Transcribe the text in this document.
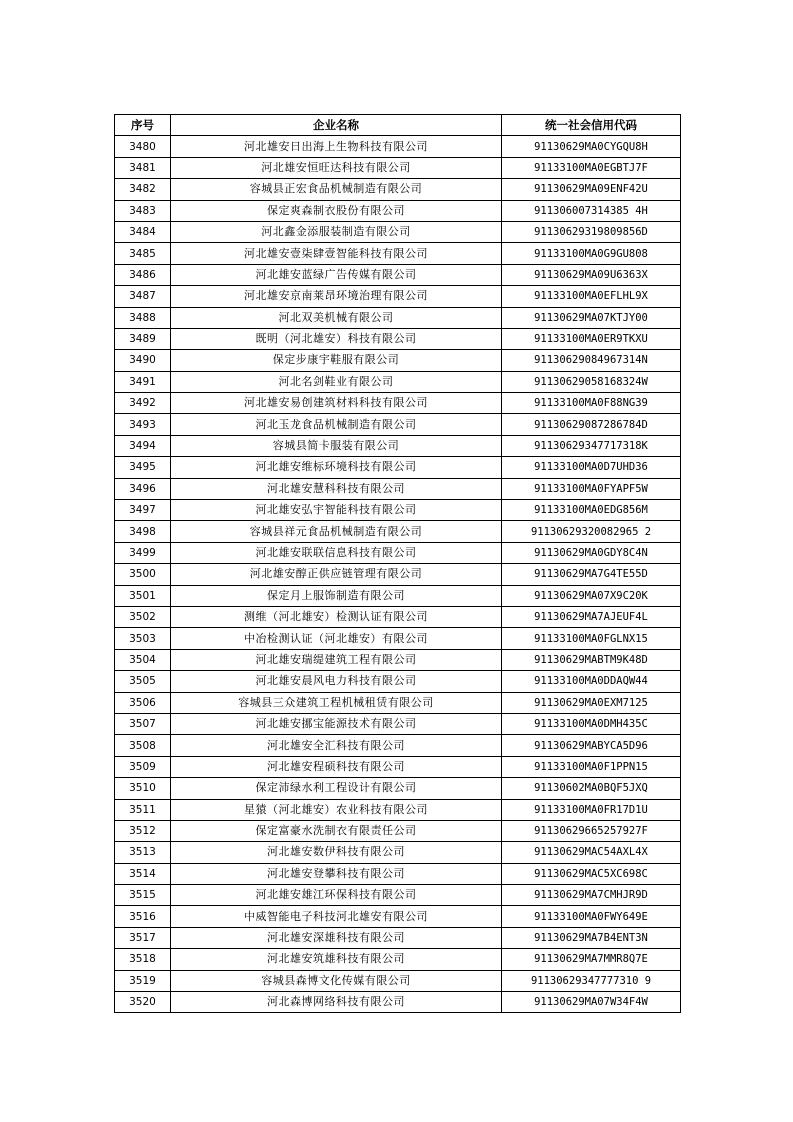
序号	企业名称	统一社会信用代码
3480	河北雄安日出海上生物科技有限公司	91130629MA0CYGQU8H
3481	河北雄安恒旺达科技有限公司	91133100MA0EGBTJ7F
3482	容城县正宏食品机械制造有限公司	91130629MA09ENF42U
3483	保定爽森制衣股份有限公司	911306007314385 4H
3484	河北鑫金添服装制造有限公司	91130629319809856D
3485	河北雄安壹柒肆壹智能科技有限公司	91133100MA0G9GU808
3486	河北雄安蓝绿广告传媒有限公司	91130629MA09U6363X
3487	河北雄安京南莱昂环境治理有限公司	91133100MA0EFLHL9X
3488	河北双美机械有限公司	91130629MA07KTJY00
3489	既明（河北雄安）科技有限公司	91133100MA0ER9TKXU
3490	保定步康宇鞋服有限公司	91130629084967314N
3491	河北名剑鞋业有限公司	91130629058168324W
3492	河北雄安易创建筑材料科技有限公司	91133100MA0F88NG39
3493	河北玉龙食品机械制造有限公司	91130629087286784D
3494	容城县简卡服装有限公司	91130629347717318K
3495	河北雄安维标环境科技有限公司	91133100MA0D7UHD36
3496	河北雄安慧科科技有限公司	91133100MA0FYAPF5W
3497	河北雄安弘宇智能科技有限公司	91133100MA0EDG856M
3498	容城县祥元食品机械制造有限公司	91130629320082965 2
3499	河北雄安联联信息科技有限公司	91130629MA0GDY8C4N
3500	河北雄安醇正供应链管理有限公司	91130629MA7G4TE55D
3501	保定月上服饰制造有限公司	91130629MA07X9C20K
3502	测维（河北雄安）检测认证有限公司	91130629MA7AJEUF4L
3503	中冶检测认证（河北雄安）有限公司	91133100MA0FGLNX15
3504	河北雄安瑞缇建筑工程有限公司	91130629MABTM9K48D
3505	河北雄安晨风电力科技有限公司	91133100MA0DDAQW44
3506	容城县三众建筑工程机械租赁有限公司	91130629MA0EXM7125
3507	河北雄安挪宝能源技术有限公司	91133100MA0DMH435C
3508	河北雄安全汇科技有限公司	91130629MABYCA5D96
3509	河北雄安程硕科技有限公司	91133100MA0F1PPN15
3510	保定沛绿水利工程设计有限公司	91130602MA0BQF5JXQ
3511	星猿（河北雄安）农业科技有限公司	91133100MA0FR17D1U
3512	保定富豪水洗制衣有限责任公司	91130629665257927F
3513	河北雄安数伊科技有限公司	91130629MAC54AXL4X
3514	河北雄安登攀科技有限公司	91130629MAC5XC698C
3515	河北雄安雄江环保科技有限公司	91130629MA7CMHJR9D
3516	中威智能电子科技河北雄安有限公司	91133100MA0FWY649E
3517	河北雄安深雄科技有限公司	91130629MA7B4ENT3N
3518	河北雄安筑雄科技有限公司	91130629MA7MMR8Q7E
3519	容城县森博文化传媒有限公司	91130629347777310 9
3520	河北森博网络科技有限公司	91130629MA07W34F4W
